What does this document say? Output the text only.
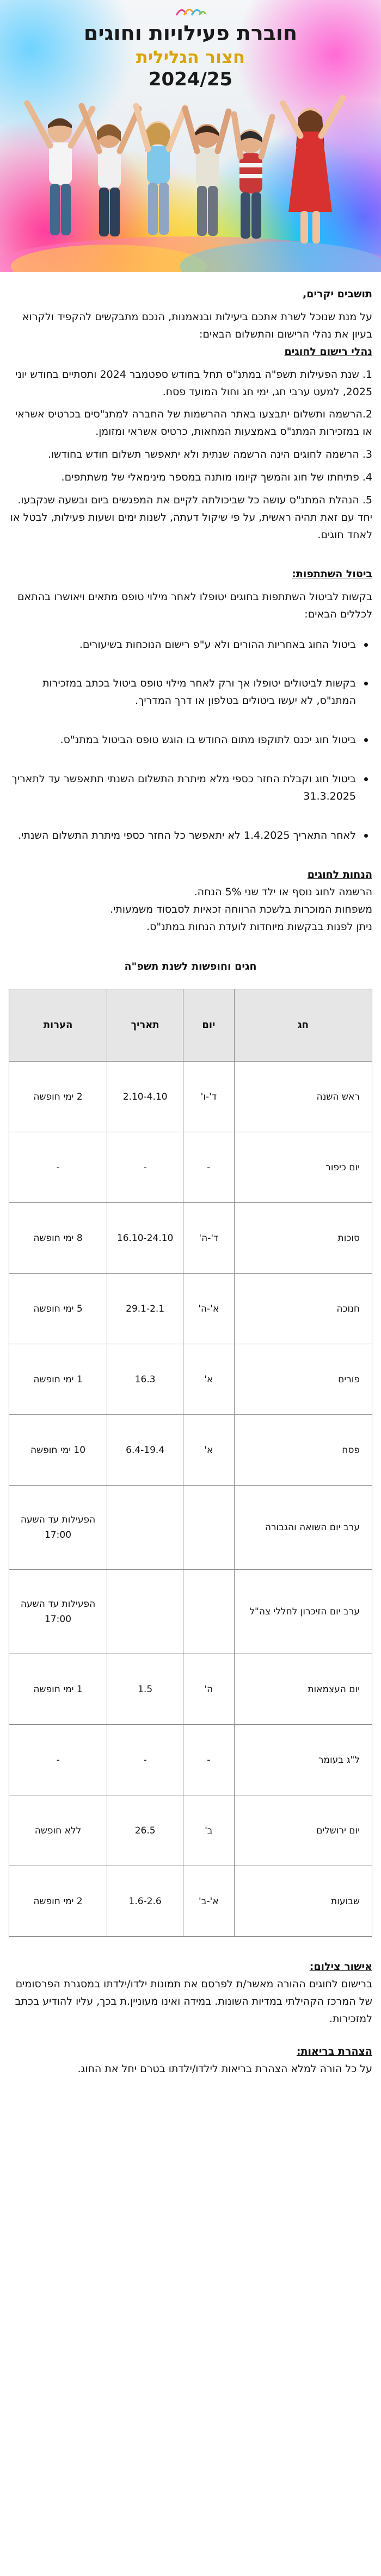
חוברת פעילויות וחוגים
חצור הגלילית
2024/25

תושבים יקרים,

על מנת שנוכל לשרת אתכם ביעילות ובנאמנות, הנכם מתבקשים להקפיד ולקרוא בעיון את נהלי הרישום והתשלום הבאים:

נהלי רישום לחוגים

1. שנת הפעילות תשפ"ה במתנ"ס תחל בחודש ספטמבר 2024 ותסתיים בחודש יוני 2025, למעט ערבי חג, ימי חג וחול המועד פסח.

2.הרשמה ותשלום יתבצעו באתר ההרשמות של החברה למתנ"סים בכרטיס אשראי או במזכירות המתנ"ס באמצעות המחאות, כרטיס אשראי ומזומן.

3. הרשמה לחוגים הינה הרשמה שנתית ולא יתאפשר תשלום חודש בחודשו.

4. פתיחתו של חוג והמשך קיומו מותנה במספר מינימאלי של משתתפים.

5. הנהלת המתנ"ס עושה כל שביכולתה לקיים את המפגשים ביום ובשעה שנקבעו. יחד עם זאת תהיה ראשית, על פי שיקול דעתה, לשנות ימים ושעות פעילות, לבטל או לאחד חוגים.

ביטול השתתפות:

בקשות לביטול השתתפות בחוגים יטופלו לאחר מילוי טופס מתאים ויאושרו בהתאם לכללים הבאים:

ביטול החוג באחריות ההורים ולא ע"פ רישום הנוכחות בשיעורים.
בקשות לביטולים יטופלו אך ורק לאחר מילוי טופס ביטול בכתב במזכירות המתנ"ס, לא יעשו ביטולים בטלפון או דרך המדריך.
ביטול חוג יכנס לתוקפו מתום החודש בו הוגש טופס הביטול במתנ"ס.
ביטול חוג וקבלת החזר כספי מלא מיתרת התשלום השנתי תתאפשר עד לתאריך 31.3.2025
לאחר התאריך 1.4.2025 לא יתאפשר כל החזר כספי מיתרת התשלום השנתי.

הנחות לחוגים

הרשמה לחוג נוסף או ילד שני 5% הנחה.

משפחות המוכרות בלשכת הרווחה זכאיות לסבסוד משמעותי.

ניתן לפנות בבקשות מיוחדות לועדת הנחות במתנ"ס.

חגים וחופשות לשנת תשפ"ה
חג	יום	תאריך	הערות
ראש השנה	ד'-ו'	2.10-4.10	2 ימי חופשה
יום כיפור	-	-	-
סוכות	ד'-ה'	16.10-24.10	8 ימי חופשה
חנוכה	א'-ה'	29.1-2.1	5 ימי חופשה
פורים	א'	16.3	1 ימי חופשה
פסח	א'	6.4-19.4	10 ימי חופשה
ערב יום השואה והגבורה			הפעילות עד השעה 17:00
ערב יום הזיכרון לחללי צה"ל			הפעילות עד השעה 17:00
יום העצמאות	ה'	1.5	1 ימי חופשה
ל"ג בעומר	-	-	-
יום ירושלים	ב'	26.5	ללא חופשה
שבועות	א'-ב'	1.6-2.6	2 ימי חופשה

אישור צילום:

ברישום לחוגים ההורה מאשר/ת לפרסם את תמונות ילדו/ילדתו במסגרת הפרסומים של המרכז הקהילתי במדיות השונות. במידה ואינו מעוניין.ת בכך, עליו להודיע בכתב למזכירות.

הצהרת בריאות:

על כל הורה למלא הצהרת בריאות לילדו/ילדתו בטרם יחל את החוג.
